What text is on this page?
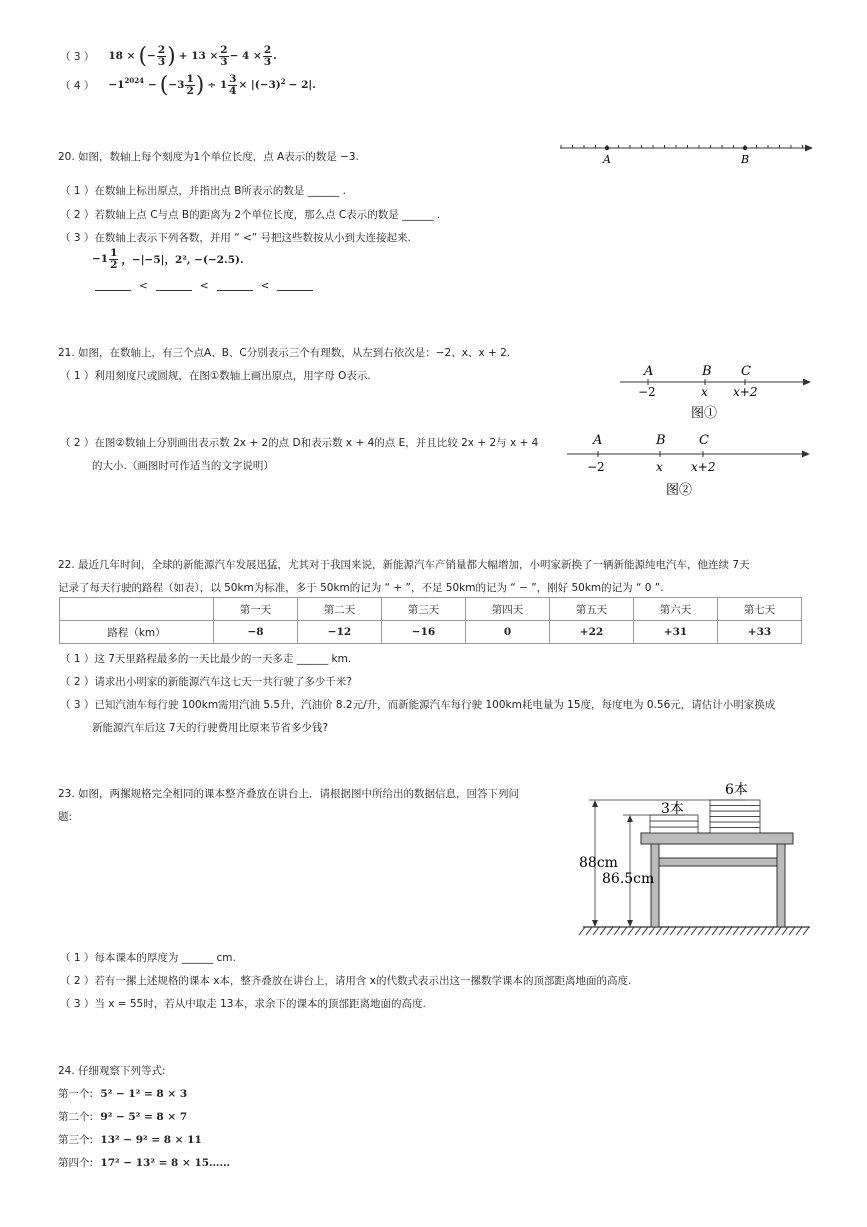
（ 3 ） 18 × ( − $\frac{2}{3}$ ) + $13 \times \frac{2}{3} - 4 \times \frac{2}{3}$ .
（ 4 ） $-1^{2024}$ − ( −3
1
2 ) ÷ $1 \frac{3}{4} \times |(-3)^2 - 2|$.
20. 如图，数轴上每个刻度为1个单位长度，点 A表示的数是 −3.	A	B
（ 1 ）在数轴上标出原点，并指出点 B所表示的数是 ______ .
（ 2 ）若数轴上点 C与点 B的距离为 2个单位长度，那么点 C表示的数是 ______ .
（ 3 ）在数轴上表示下列各数，并用 “ <” 号把这些数按从小到大连接起来.
−1
1
2 ，−|−5|，2², −(−2.5).
<	<	<
21. 如图，在数轴上，有三个点A、B、C分别表示三个有理数，从左到右依次是：−2、x、x + 2.
（ 1 ）利用刻度尺或圆规，在图①数轴上画出原点，用字母 O表示.	A	B C
−2	x x+2
图①
（ 2 ）在图②数轴上分别画出表示数 2x + 2的点 D和表示数 x + 4的点 E，并且比较 2x + 2与 x + 4
的大小.（画图时可作适当的文字说明）
A	B	C
−2	x x+2
图②
22. 最近几年时间，全球的新能源汽车发展迅猛，尤其对于我国来说，新能源汽车产销量都大幅增加，小明家新换了一辆新能源纯电汽车，他连续 7天
记录了每天行驶的路程（如表），以 50km为标准，多于 50km的记为 “ + ”，不足 50km的记为 “ − ”，刚好 50km的记为 “ 0 ”.
	第一天	第二天	第三天	第四天	第五天	第六天	第七天
路程（km）	−8	−12	−16	0	+22	+31	+33
（ 1 ）这 7天里路程最多的一天比最少的一天多走 ______ km.
（ 2 ）请求出小明家的新能源汽车这七天一共行驶了多少千米?
（ 3 ）已知汽油车每行驶 100km需用汽油 5.5升，汽油价 8.2元/升，而新能源汽车每行驶 100km耗电量为 15度，每度电为 0.56元，请估计小明家换成
新能源汽车后这 7天的行驶费用比原来节省多少钱?
23. 如图，两摞规格完全相同的课本整齐叠放在讲台上．请根据图中所给出的数据信息，回答下列问
题:	3本
6本
88cm
86.5cm
（ 1 ）每本课本的厚度为 ______ cm.
（ 2 ）若有一摞上述规格的课本 x本，整齐叠放在讲台上，请用含 x的代数式表示出这一摞数学课本的顶部距离地面的高度.
（ 3 ）当 x = 55时，若从中取走 13本，求余下的课本的顶部距离地面的高度.
24. 仔细观察下列等式:
第一个: 5² − 1² = 8 × 3
第二个: 9² − 5² = 8 × 7
第三个: 13² − 9² = 8 × 11
第四个: 17² − 13² = 8 × 15……
